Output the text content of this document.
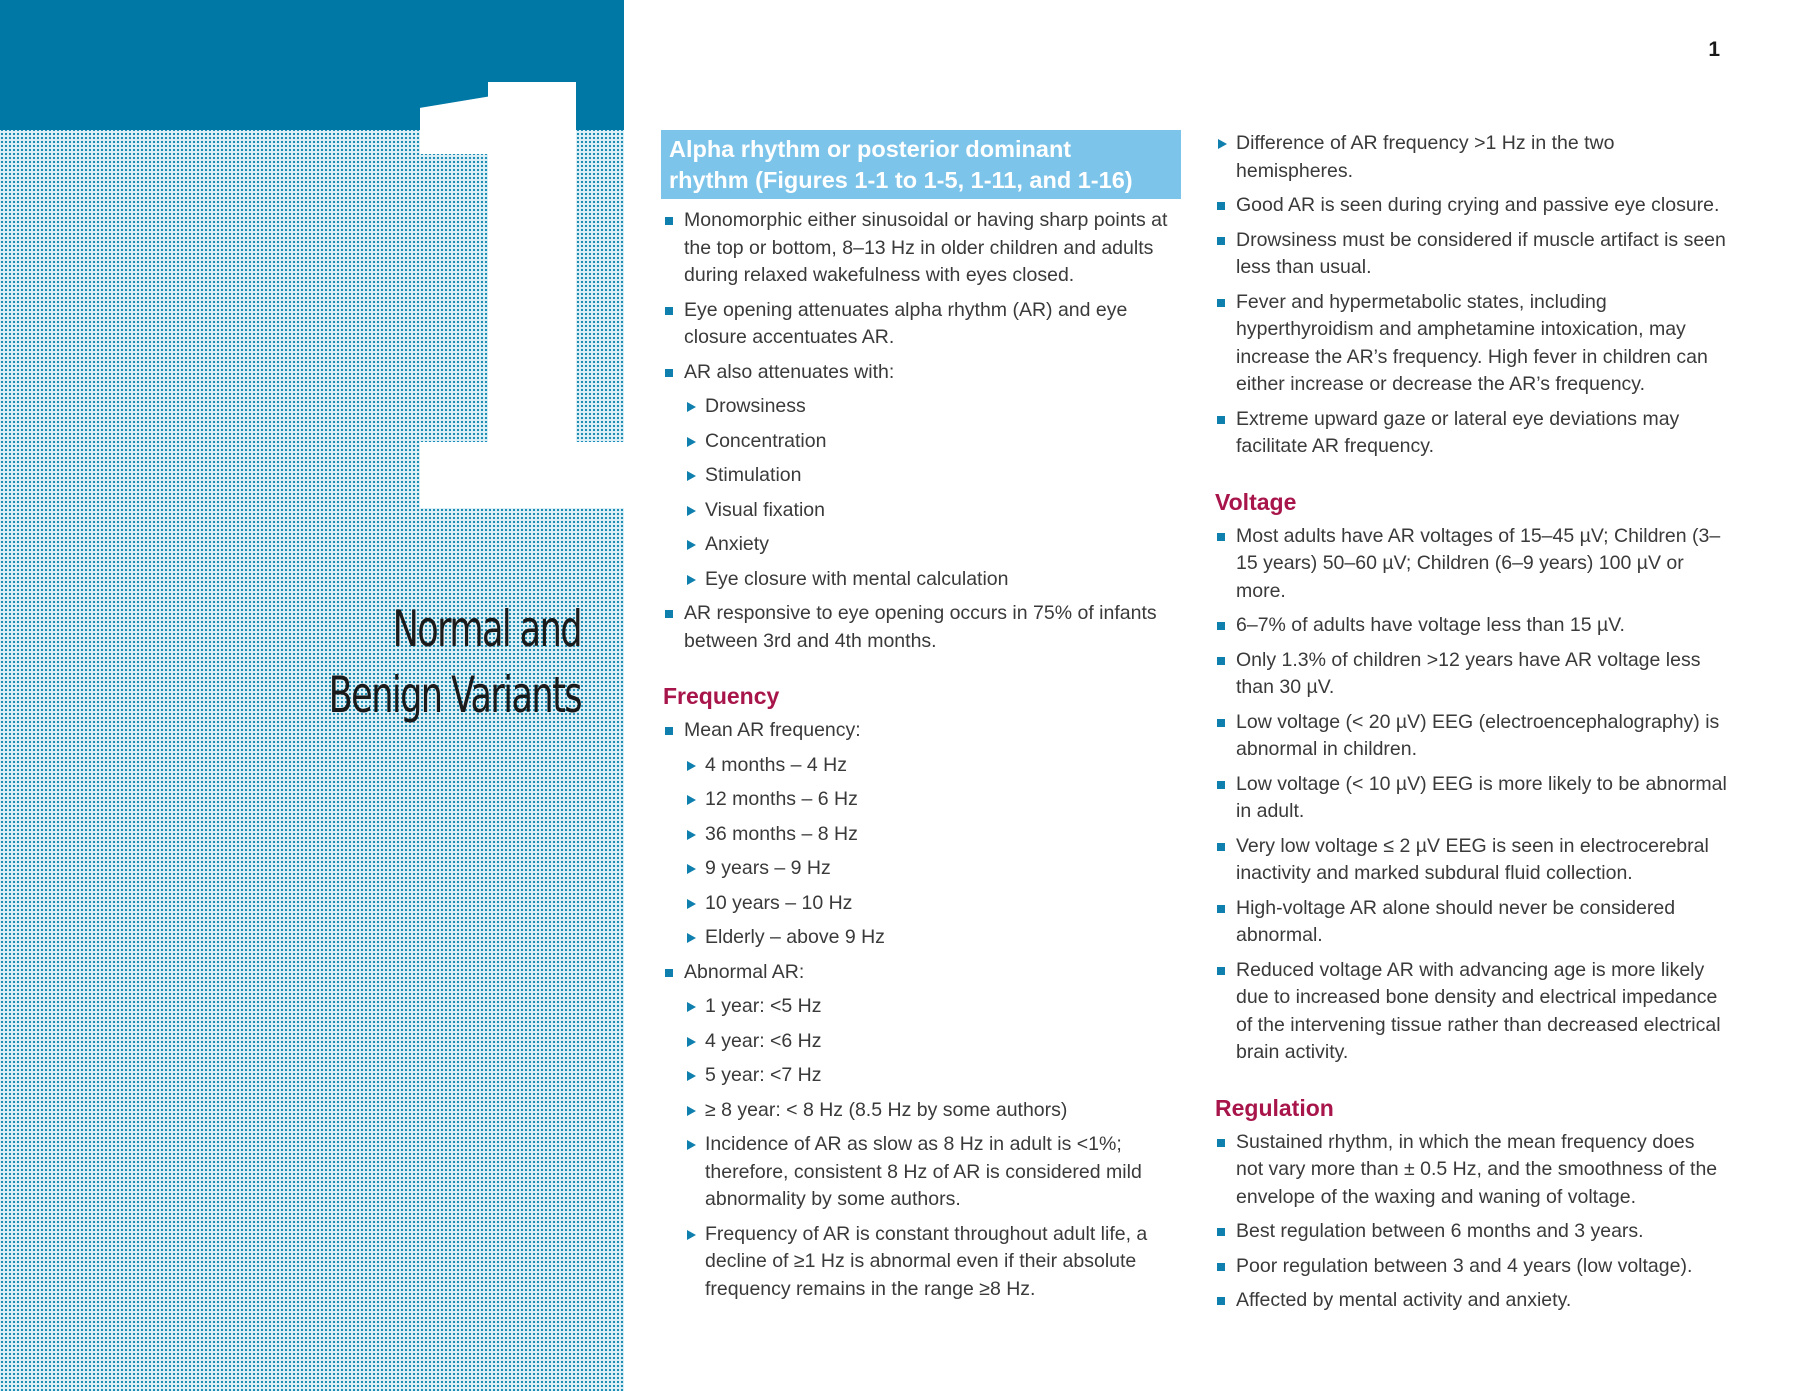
Normal and
Benign Variants
1
Alpha rhythm or posterior dominant
rhythm (Figures 1-1 to 1-5, 1-11, and 1-16)
Monomorphic either sinusoidal or having sharp points at the top or bottom, 8–13 Hz in older children and adults during relaxed wakefulness with eyes closed.
Eye opening attenuates alpha rhythm (AR) and eye closure accentuates AR.
AR also attenuates with:
Drowsiness
Concentration
Stimulation
Visual fixation
Anxiety
Eye closure with mental calculation
AR responsive to eye opening occurs in 75% of infants between 3rd and 4th months.
Frequency
Mean AR frequency:
4 months – 4 Hz
12 months – 6 Hz
36 months – 8 Hz
9 years – 9 Hz
10 years – 10 Hz
Elderly – above 9 Hz
Abnormal AR:
1 year: <5 Hz
4 year: <6 Hz
5 year: <7 Hz
≥ 8 year: < 8 Hz (8.5 Hz by some authors)
Incidence of AR as slow as 8 Hz in adult is <1%; therefore, consistent 8 Hz of AR is considered mild abnormality by some authors.
Frequency of AR is constant throughout adult life, a decline of ≥1 Hz is abnormal even if their absolute frequency remains in the range ≥8 Hz.
Difference of AR frequency >1 Hz in the two hemispheres.
Good AR is seen during crying and passive eye closure.
Drowsiness must be considered if muscle artifact is seen less than usual.
Fever and hypermetabolic states, including hyperthyroidism and amphetamine intoxication, may increase the AR’s frequency. High fever in children can either increase or decrease the AR’s frequency.
Extreme upward gaze or lateral eye deviations may facilitate AR frequency.
Voltage
Most adults have AR voltages of 15–45 µV; Children (3–15 years) 50–60 µV; Children (6–9 years) 100 µV or more.
6–7% of adults have voltage less than 15 µV.
Only 1.3% of children >12 years have AR voltage less than 30 µV.
Low voltage (< 20 µV) EEG (electroencephalography) is abnormal in children.
Low voltage (< 10 µV) EEG is more likely to be abnormal in adult.
Very low voltage ≤ 2 µV EEG is seen in electrocerebral inactivity and marked subdural fluid collection.
High-voltage AR alone should never be considered abnormal.
Reduced voltage AR with advancing age is more likely due to increased bone density and electrical impedance of the intervening tissue rather than decreased electrical brain activity.
Regulation
Sustained rhythm, in which the mean frequency does not vary more than ± 0.5 Hz, and the smoothness of the envelope of the waxing and waning of voltage.
Best regulation between 6 months and 3 years.
Poor regulation between 3 and 4 years (low voltage).
Affected by mental activity and anxiety.
